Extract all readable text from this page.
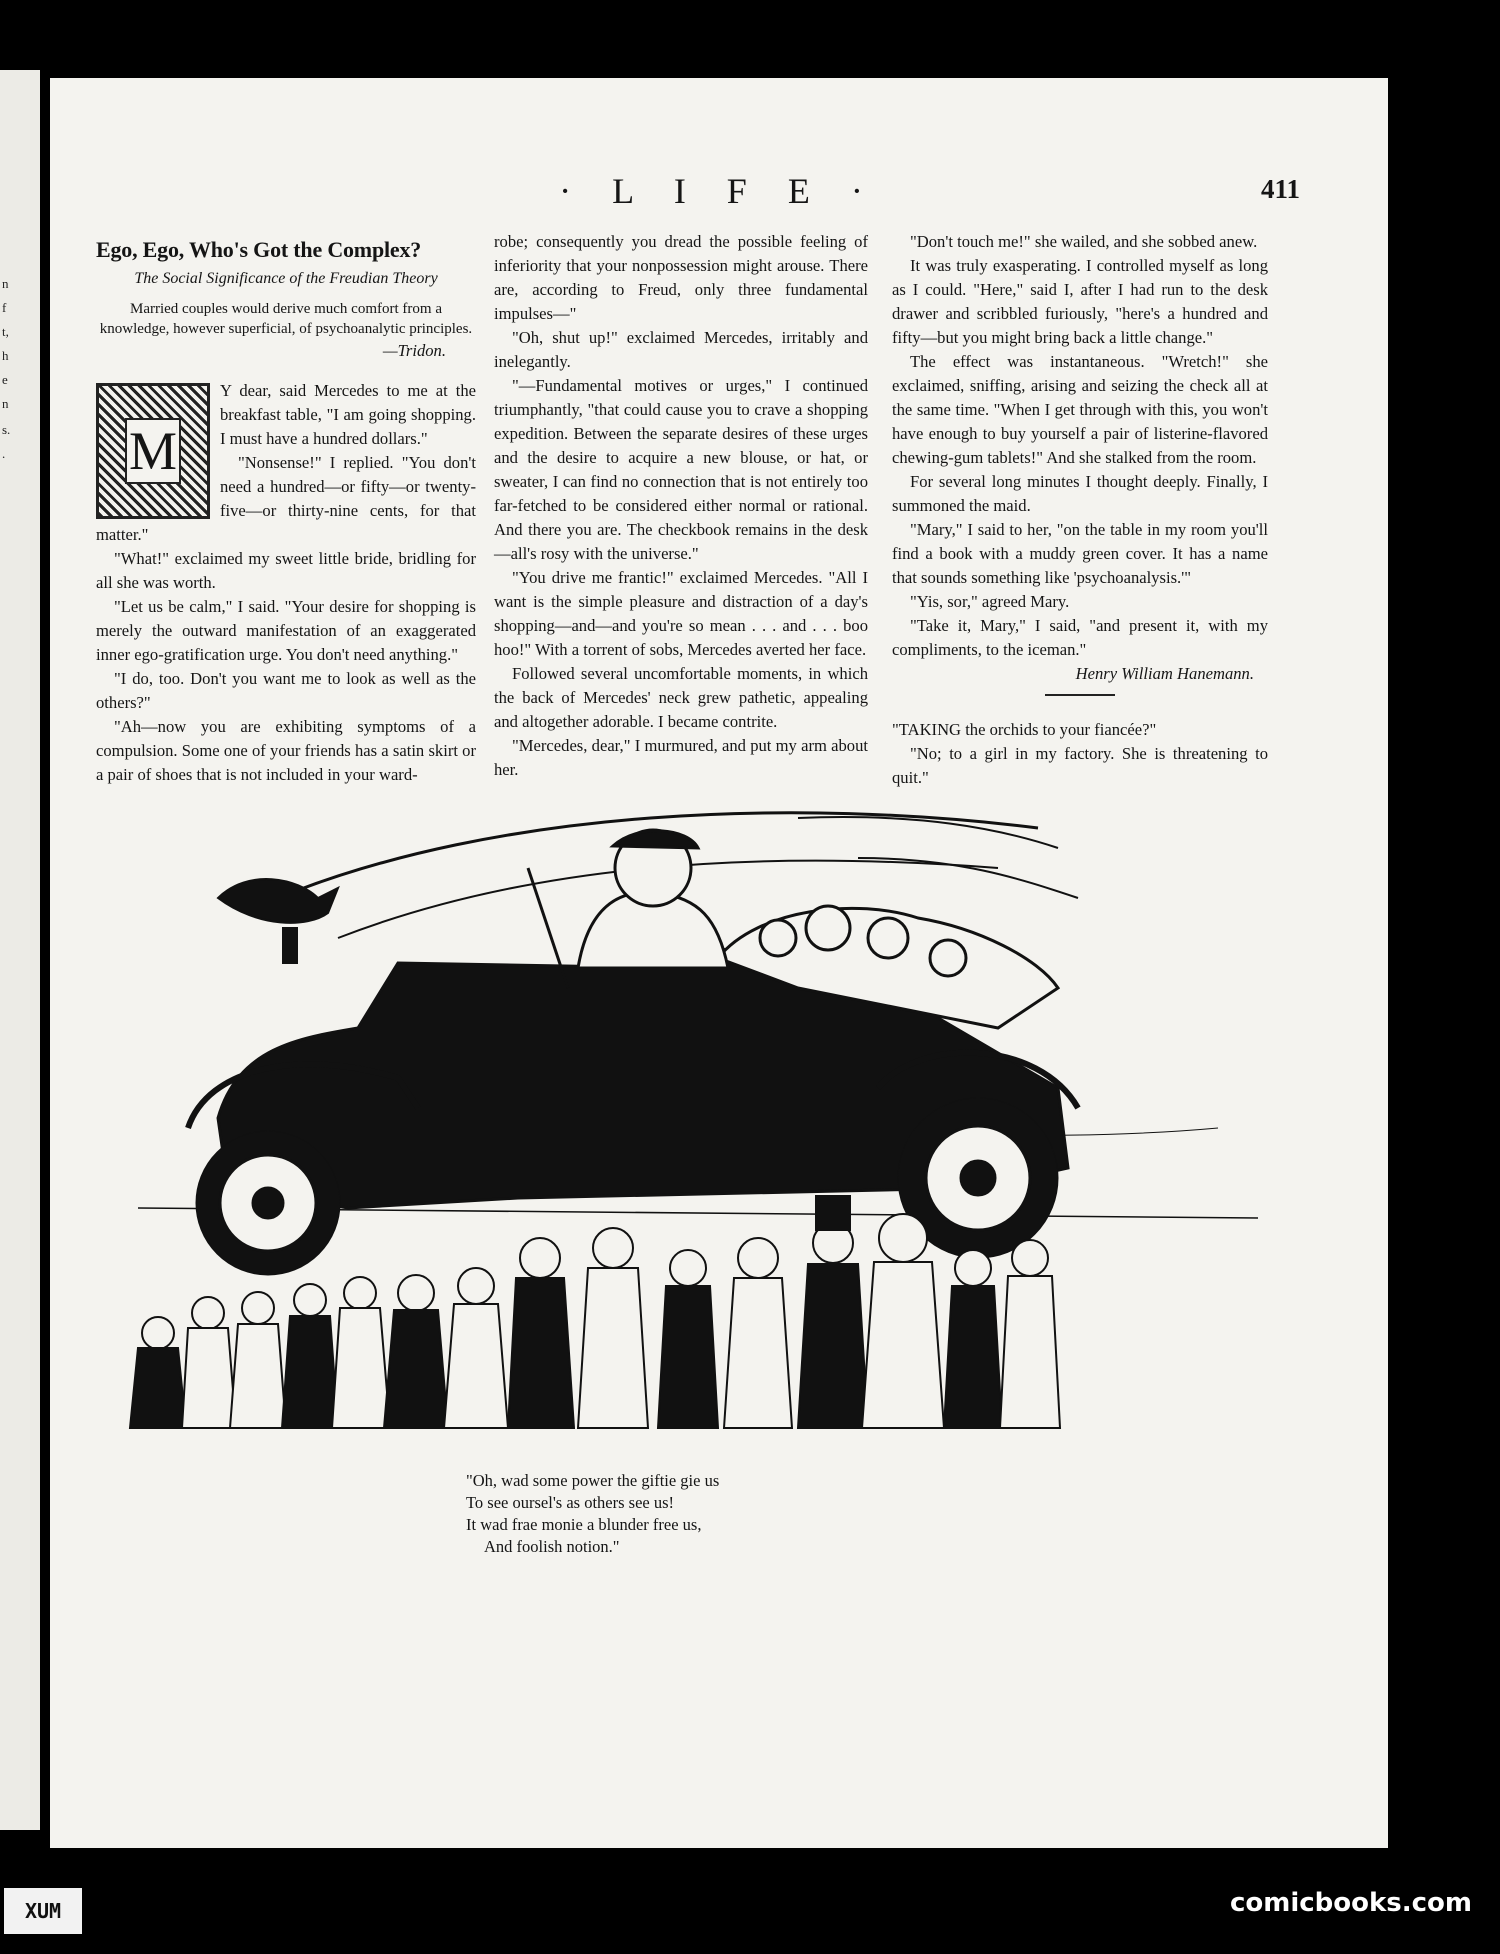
n
f
t,
h
e
n
s.
.
· L I F E ·	411
Ego, Ego, Who's Got the Complex?
The Social Significance of the Freudian Theory
Married couples would derive much comfort from a knowledge, however superficial, of psychoanalytic principles.
—Tridon.
M

Y dear, said Mercedes to me at the breakfast table, "I am going shopping. I must have a hundred dollars."

"Nonsense!" I replied. "You don't need a hundred—or fifty—or twenty-five—or thirty-nine cents, for that matter."

"What!" exclaimed my sweet little bride, bridling for all she was worth.

"Let us be calm," I said. "Your desire for shopping is merely the outward manifestation of an exaggerated inner ego-gratification urge. You don't need anything."

"I do, too. Don't you want me to look as well as the others?"

"Ah—now you are exhibiting symptoms of a compulsion. Some one of your friends has a satin skirt or a pair of shoes that is not included in your ward-

robe; consequently you dread the possible feeling of inferiority that your nonpossession might arouse. There are, according to Freud, only three fundamental impulses—"

"Oh, shut up!" exclaimed Mercedes, irritably and inelegantly.

"—Fundamental motives or urges," I continued triumphantly, "that could cause you to crave a shopping expedition. Between the separate desires of these urges and the desire to acquire a new blouse, or hat, or sweater, I can find no connection that is not entirely too far-fetched to be considered either normal or rational. And there you are. The checkbook remains in the desk—all's rosy with the universe."

"You drive me frantic!" exclaimed Mercedes. "All I want is the simple pleasure and distraction of a day's shopping—and—and you're so mean . . . and . . . boo hoo!" With a torrent of sobs, Mercedes averted her face.

Followed several uncomfortable moments, in which the back of Mercedes' neck grew pathetic, appealing and altogether adorable. I became contrite.

"Mercedes, dear," I murmured, and put my arm about her.

"Don't touch me!" she wailed, and she sobbed anew.

It was truly exasperating. I controlled myself as long as I could. "Here," said I, after I had run to the desk drawer and scribbled furiously, "here's a hundred and fifty—but you might bring back a little change."

The effect was instantaneous. "Wretch!" she exclaimed, sniffing, arising and seizing the check all at the same time. "When I get through with this, you won't have enough to buy yourself a pair of listerine-flavored chewing-gum tablets!" And she stalked from the room.

For several long minutes I thought deeply. Finally, I summoned the maid.

"Mary," I said to her, "on the table in my room you'll find a book with a muddy green cover. It has a name that sounds something like 'psychoanalysis.'"

"Yis, sor," agreed Mary.

"Take it, Mary," I said, "and present it, with my compliments, to the iceman."

Henry William Hanemann.

"TAKING the orchids to your fiancée?"

"No; to a girl in my factory. She is threatening to quit."

"Oh, wad some power the giftie gie us
To see oursel's as others see us!
It wad frae monie a blunder free us,
And foolish notion."
XUM	comicbooks.com
